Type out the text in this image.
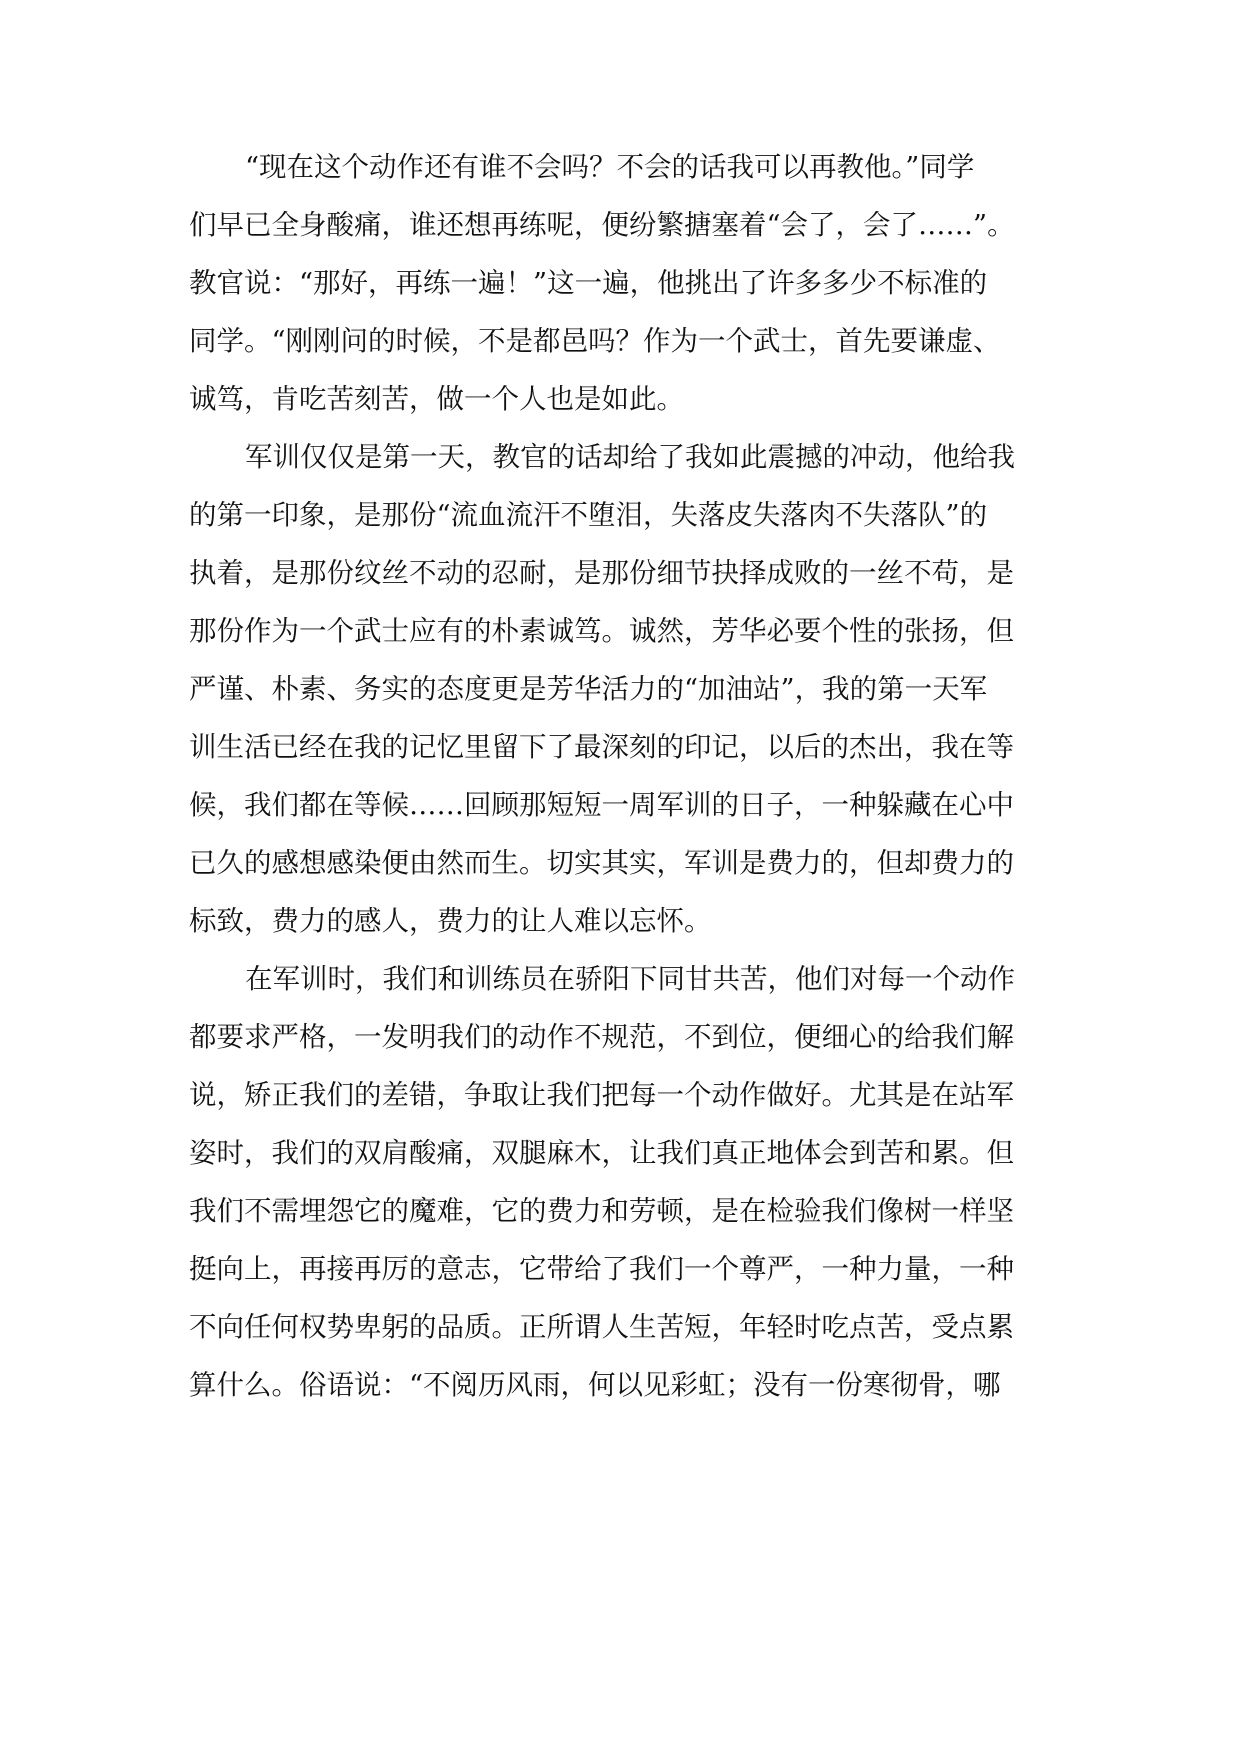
“现在这个动作还有谁不会吗？不会的话我可以再教他。”同学
们早已全身酸痛，谁还想再练呢，便纷繁搪塞着“会了，会了……”。
教官说：“那好，再练一遍！”这一遍，他挑出了许多多少不标准的
同学。“刚刚问的时候，不是都邑吗？作为一个武士，首先要谦虚、
诚笃，肯吃苦刻苦，做一个人也是如此。
军训仅仅是第一天，教官的话却给了我如此震撼的冲动，他给我
的第一印象，是那份“流血流汗不堕泪，失落皮失落肉不失落队”的
执着，是那份纹丝不动的忍耐，是那份细节抉择成败的一丝不苟，是
那份作为一个武士应有的朴素诚笃。诚然，芳华必要个性的张扬，但
严谨、朴素、务实的态度更是芳华活力的“加油站”，我的第一天军
训生活已经在我的记忆里留下了最深刻的印记，以后的杰出，我在等
候，我们都在等候……回顾那短短一周军训的日子，一种躲藏在心中
已久的感想感染便由然而生。切实其实，军训是费力的，但却费力的
标致，费力的感人，费力的让人难以忘怀。
在军训时，我们和训练员在骄阳下同甘共苦，他们对每一个动作
都要求严格，一发明我们的动作不规范，不到位，便细心的给我们解
说，矫正我们的差错，争取让我们把每一个动作做好。尤其是在站军
姿时，我们的双肩酸痛，双腿麻木，让我们真正地体会到苦和累。但
我们不需埋怨它的魔难，它的费力和劳顿，是在检验我们像树一样坚
挺向上，再接再厉的意志，它带给了我们一个尊严，一种力量，一种
不向任何权势卑躬的品质。正所谓人生苦短，年轻时吃点苦，受点累
算什么。俗语说：“不阅历风雨，何以见彩虹；没有一份寒彻骨，哪
